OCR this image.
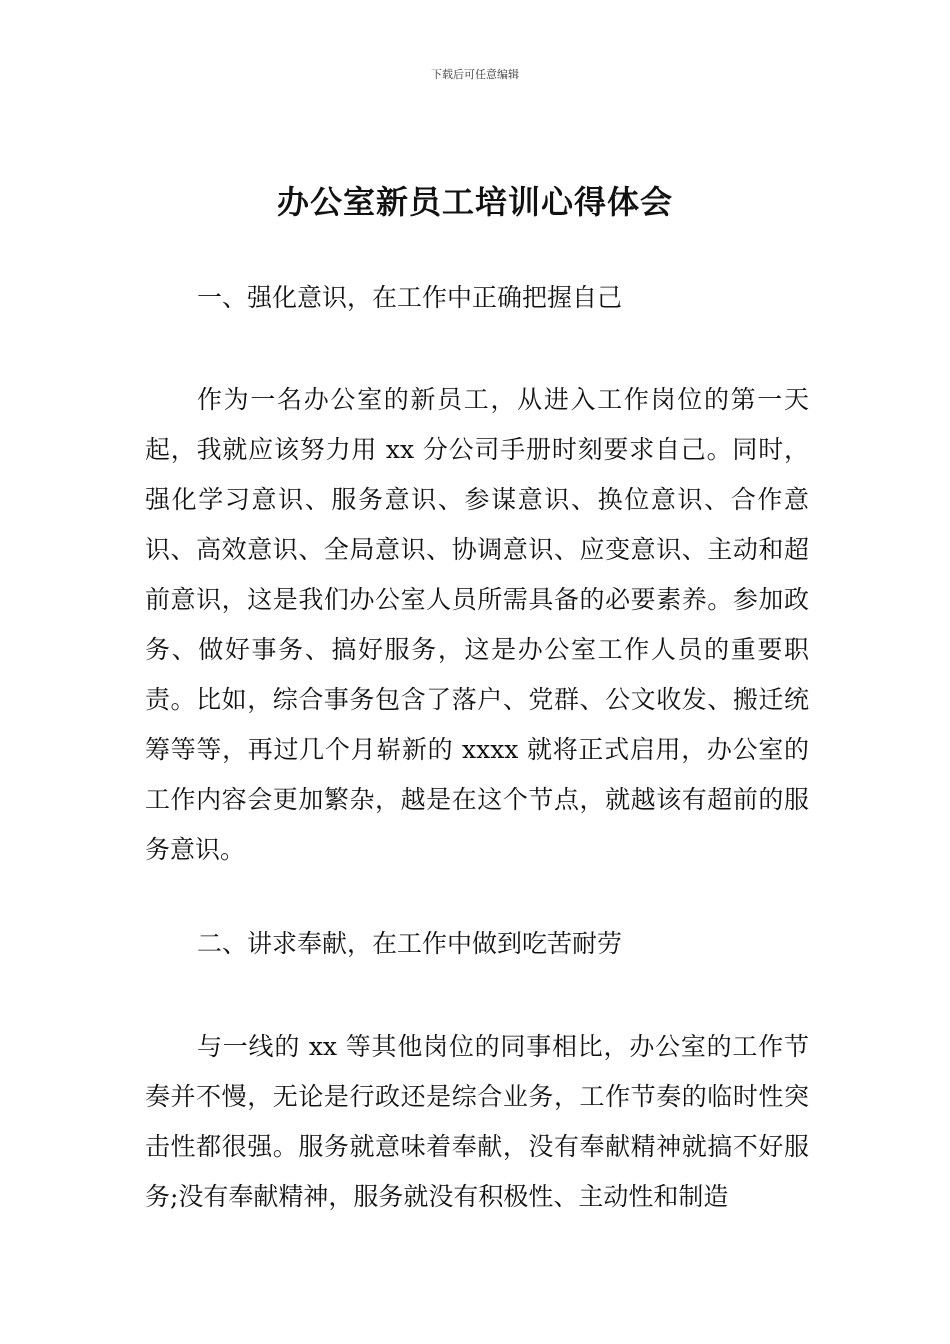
下载后可任意编辑
办公室新员工培训心得体会
一、强化意识，在工作中正确把握自己
作为一名办公室的新员工，从进入工作岗位的第一天起，我就应该努力用 xx 分公司手册时刻要求自己。同时，强化学习意识、服务意识、参谋意识、换位意识、合作意识、高效意识、全局意识、协调意识、应变意识、主动和超前意识，这是我们办公室人员所需具备的必要素养。参加政务、做好事务、搞好服务，这是办公室工作人员的重要职责。比如，综合事务包含了落户、党群、公文收发、搬迁统筹等等，再过几个月崭新的 xxxx 就将正式启用，办公室的工作内容会更加繁杂，越是在这个节点，就越该有超前的服务意识。
二、讲求奉献，在工作中做到吃苦耐劳
与一线的 xx 等其他岗位的同事相比，办公室的工作节奏并不慢，无论是行政还是综合业务，工作节奏的临时性突击性都很强。服务就意味着奉献，没有奉献精神就搞不好服务;没有奉献精神，服务就没有积极性、主动性和制造
